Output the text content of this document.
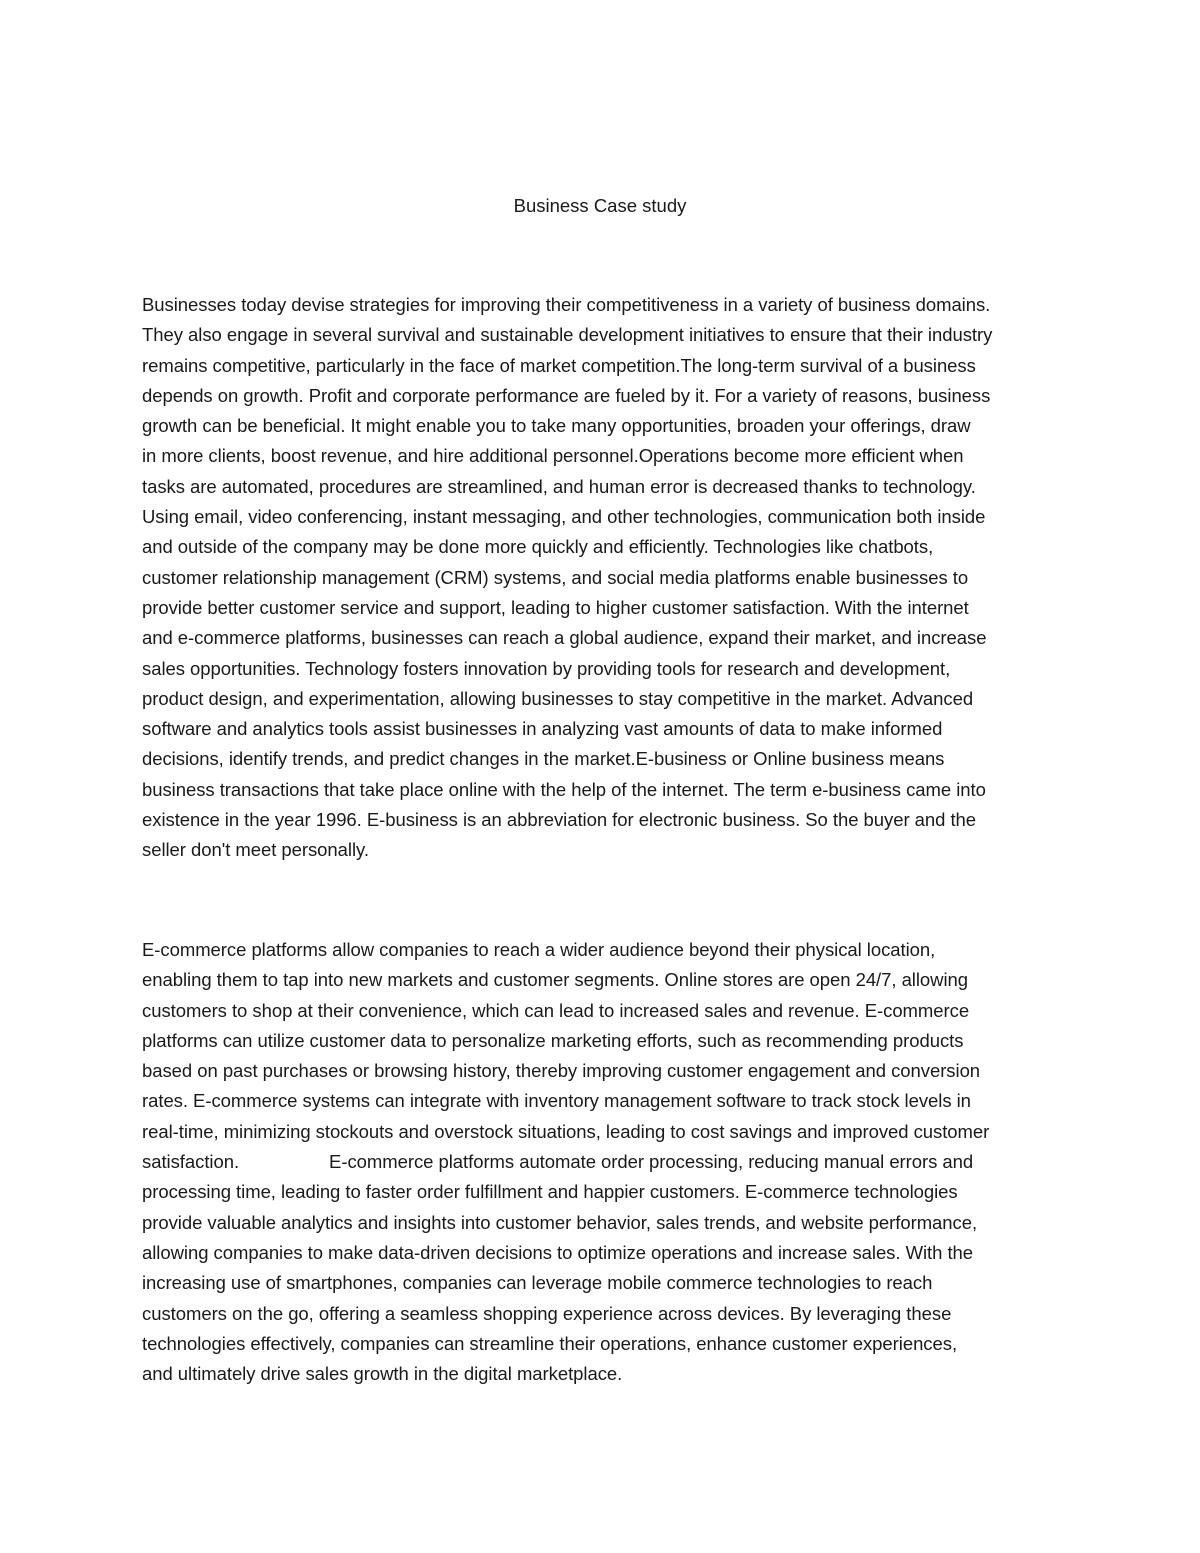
Business Case study

Businesses today devise strategies for improving their competitiveness in a variety of business domains.
They also engage in several survival and sustainable development initiatives to ensure that their industry
remains competitive, particularly in the face of market competition.The long-term survival of a business
depends on growth. Profit and corporate performance are fueled by it. For a variety of reasons, business
growth can be beneficial. It might enable you to take many opportunities, broaden your offerings, draw
in more clients, boost revenue, and hire additional personnel.Operations become more efficient when
tasks are automated, procedures are streamlined, and human error is decreased thanks to technology.
Using email, video conferencing, instant messaging, and other technologies, communication both inside
and outside of the company may be done more quickly and efficiently. Technologies like chatbots,
customer relationship management (CRM) systems, and social media platforms enable businesses to
provide better customer service and support, leading to higher customer satisfaction. With the internet
and e-commerce platforms, businesses can reach a global audience, expand their market, and increase
sales opportunities. Technology fosters innovation by providing tools for research and development,
product design, and experimentation, allowing businesses to stay competitive in the market. Advanced
software and analytics tools assist businesses in analyzing vast amounts of data to make informed
decisions, identify trends, and predict changes in the market.E-business or Online business means
business transactions that take place online with the help of the internet. The term e-business came into
existence in the year 1996. E-business is an abbreviation for electronic business. So the buyer and the
seller don't meet personally.

E-commerce platforms allow companies to reach a wider audience beyond their physical location,
enabling them to tap into new markets and customer segments. Online stores are open 24/7, allowing
customers to shop at their convenience, which can lead to increased sales and revenue. E-commerce
platforms can utilize customer data to personalize marketing efforts, such as recommending products
based on past purchases or browsing history, thereby improving customer engagement and conversion
rates. E-commerce systems can integrate with inventory management software to track stock levels in
real-time, minimizing stockouts and overstock situations, leading to cost savings and improved customer
satisfaction.	E-commerce platforms automate order processing, reducing manual errors and
processing time, leading to faster order fulfillment and happier customers. E-commerce technologies
provide valuable analytics and insights into customer behavior, sales trends, and website performance,
allowing companies to make data-driven decisions to optimize operations and increase sales. With the
increasing use of smartphones, companies can leverage mobile commerce technologies to reach
customers on the go, offering a seamless shopping experience across devices. By leveraging these
technologies effectively, companies can streamline their operations, enhance customer experiences,
and ultimately drive sales growth in the digital marketplace.
